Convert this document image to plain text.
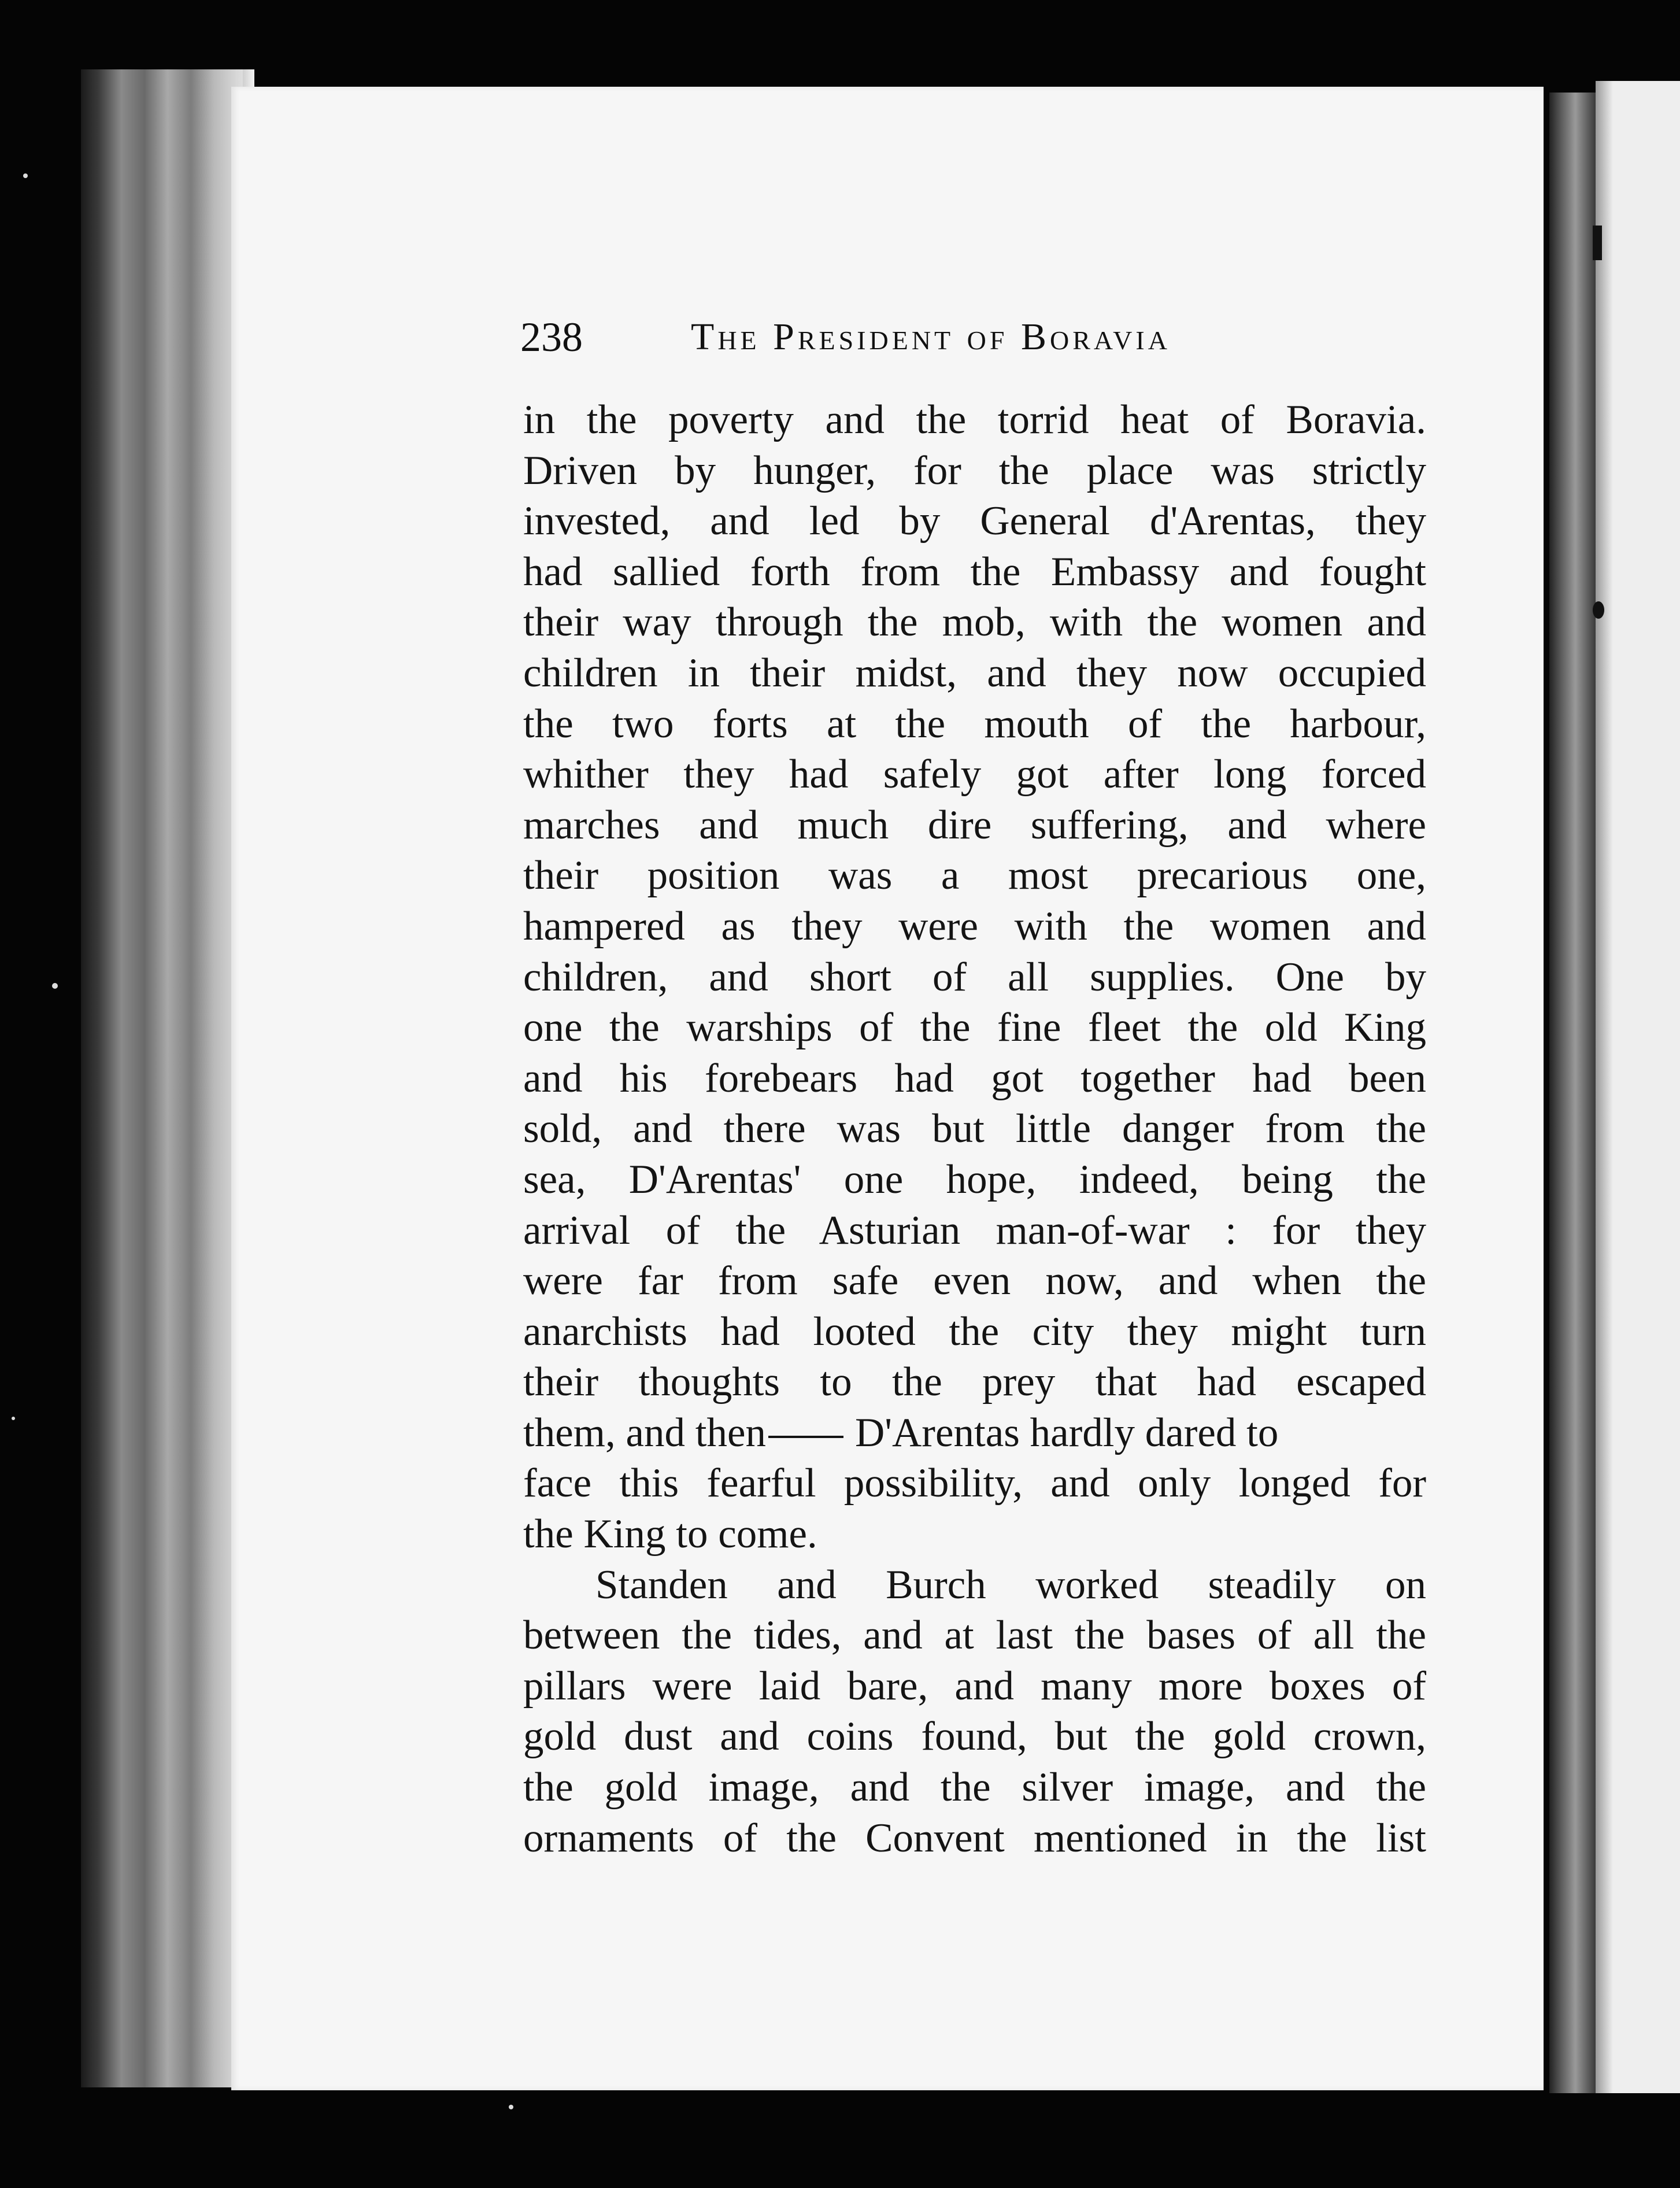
238	The President of Boravia
in the poverty and the torrid heat of Boravia.
Driven by hunger, for the place was strictly
invested, and led by General d'Arentas, they
had sallied forth from the Embassy and fought
their way through the mob, with the women and
children in their midst, and they now occupied
the two forts at the mouth of the harbour,
whither they had safely got after long forced
marches and much dire suffering, and where
their position was a most precarious one,
hampered as they were with the women and
children, and short of all supplies. One by
one the warships of the fine fleet the old King
and his forebears had got together had been
sold, and there was but little danger from the
sea, D'Arentas' one hope, indeed, being the
arrival of the Asturian man-of-war : for they
were far from safe even now, and when the
anarchists had looted the city they might turn
their thoughts to the prey that had escaped
them, and then D'Arentas hardly dared to
face this fearful possibility, and only longed for
the King to come.
Standen and Burch worked steadily on
between the tides, and at last the bases of all the
pillars were laid bare, and many more boxes of
gold dust and coins found, but the gold crown,
the gold image, and the silver image, and the
ornaments of the Convent mentioned in the list
